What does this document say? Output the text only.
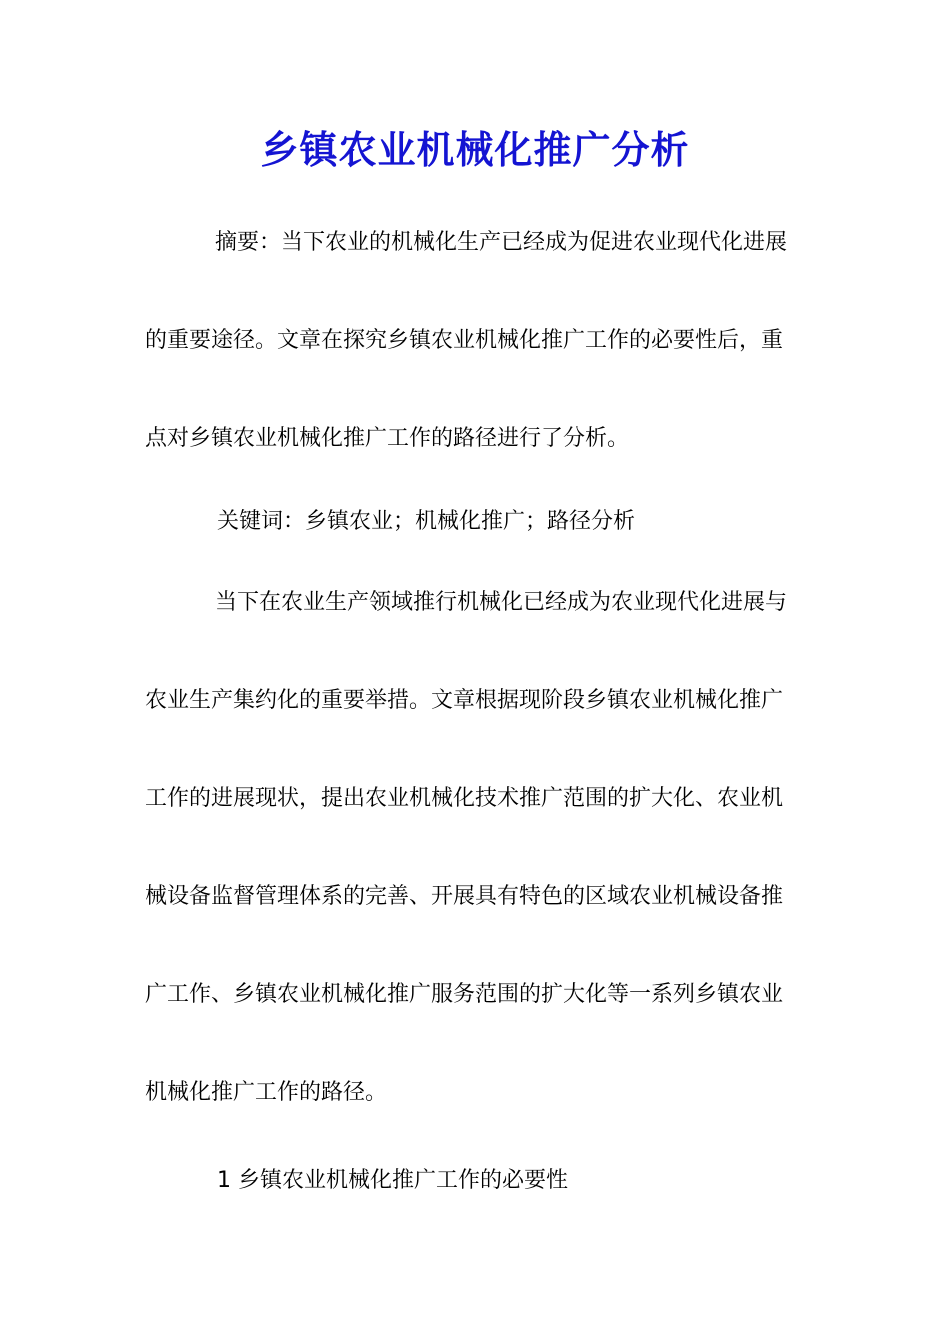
乡镇农业机械化推广分析
摘要：当下农业的机械化生产已经成为促进农业现代化进展
的重要途径。文章在探究乡镇农业机械化推广工作的必要性后，重
点对乡镇农业机械化推广工作的路径进行了分析。
关键词：乡镇农业；机械化推广；路径分析
当下在农业生产领域推行机械化已经成为农业现代化进展与
农业生产集约化的重要举措。文章根据现阶段乡镇农业机械化推广
工作的进展现状，提出农业机械化技术推广范围的扩大化、农业机
械设备监督管理体系的完善、开展具有特色的区域农业机械设备推
广工作、乡镇农业机械化推广服务范围的扩大化等一系列乡镇农业
机械化推广工作的路径。
1 乡镇农业机械化推广工作的必要性
